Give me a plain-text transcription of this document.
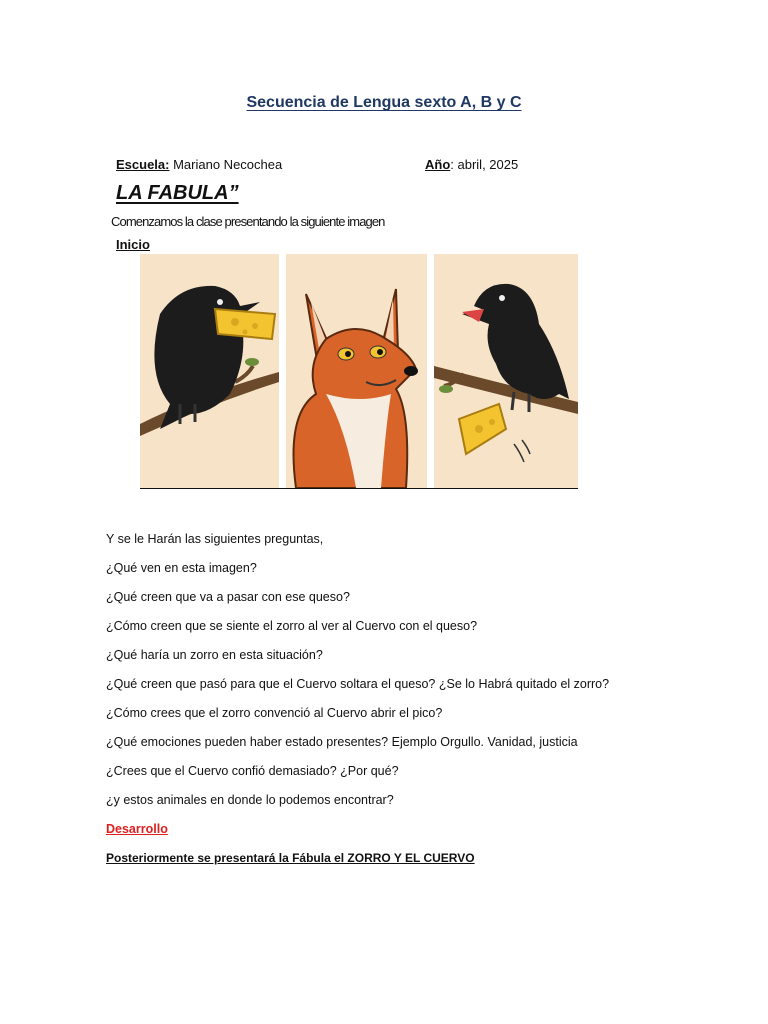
Secuencia de Lengua sexto A, B y C
Escuela: Mariano Necochea	Año: abril, 2025
LA FABULA”
Comenzamos la clase presentando la siguiente imagen
Inicio
Y se le Harán las siguientes preguntas,
¿Qué ven en esta imagen?
¿Qué creen que va a pasar con ese queso?
¿Cómo creen que se siente el zorro al ver al Cuervo con el queso?
¿Qué haría un zorro en esta situación?
¿Qué creen que pasó para que el Cuervo soltara el queso? ¿Se lo Habrá quitado el zorro?
¿Cómo crees que el zorro convenció al Cuervo abrir el pico?
¿Qué emociones pueden haber estado presentes? Ejemplo Orgullo. Vanidad, justicia
¿Crees que el Cuervo confió demasiado? ¿Por qué?
¿y estos animales en donde lo podemos encontrar?
Desarrollo
Posteriormente se presentará la Fábula el ZORRO Y EL CUERVO
